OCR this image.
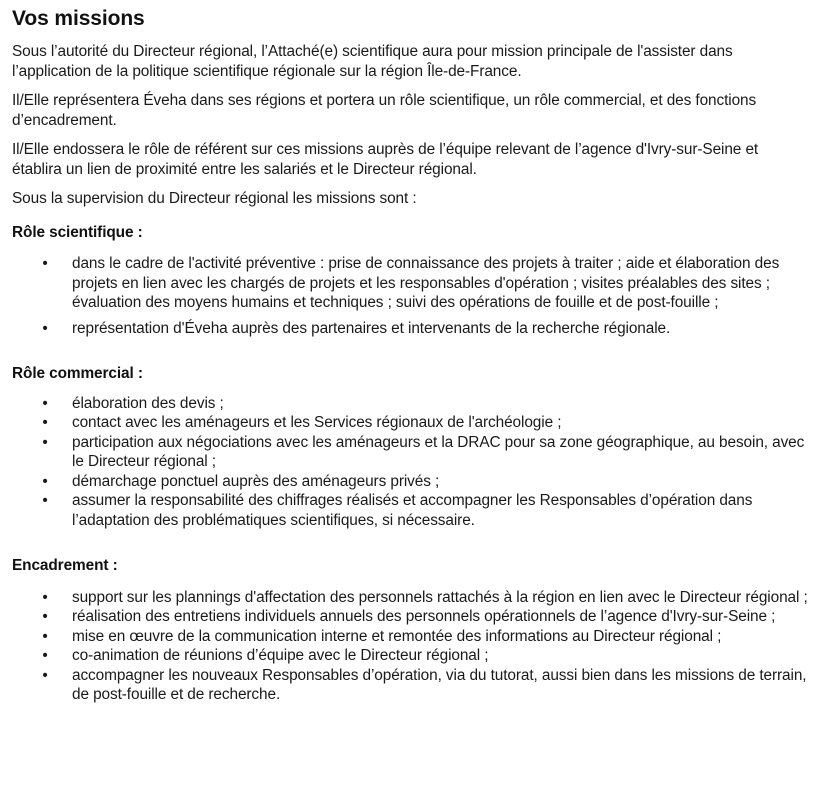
Vos missions

Sous l’autorité du Directeur régional, l’Attaché(e) scientifique aura pour mission principale de l'assister dans l’application de la politique scientifique régionale sur la région Île-de-France.

Il/Elle représentera Éveha dans ses régions et portera un rôle scientifique, un rôle commercial, et des fonctions d’encadrement.

Il/Elle endossera le rôle de référent sur ces missions auprès de l’équipe relevant de l’agence d'Ivry-sur-Seine et établira un lien de proximité entre les salariés et le Directeur régional.

Sous la supervision du Directeur régional les missions sont :

Rôle scientifique :
• dans le cadre de l'activité préventive : prise de connaissance des projets à traiter ; aide et élaboration des projets en lien avec les chargés de projets et les responsables d'opération ; visites préalables des sites ; évaluation des moyens humains et techniques ; suivi des opérations de fouille et de post-fouille ;
• représentation d'Éveha auprès des partenaires et intervenants de la recherche régionale.
Rôle commercial :
• élaboration des devis ;
• contact avec les aménageurs et les Services régionaux de l'archéologie ;
• participation aux négociations avec les aménageurs et la DRAC pour sa zone géographique, au besoin, avec le Directeur régional ;
• démarchage ponctuel auprès des aménageurs privés ;
• assumer la responsabilité des chiffrages réalisés et accompagner les Responsables d’opération dans l’adaptation des problématiques scientifiques, si nécessaire.
Encadrement :
• support sur les plannings d'affectation des personnels rattachés à la région en lien avec le Directeur régional ;
• réalisation des entretiens individuels annuels des personnels opérationnels de l’agence d'Ivry-sur-Seine ;
• mise en œuvre de la communication interne et remontée des informations au Directeur régional ;
• co-animation de réunions d’équipe avec le Directeur régional ;
• accompagner les nouveaux Responsables d’opération, via du tutorat, aussi bien dans les missions de terrain, de post-fouille et de recherche.
